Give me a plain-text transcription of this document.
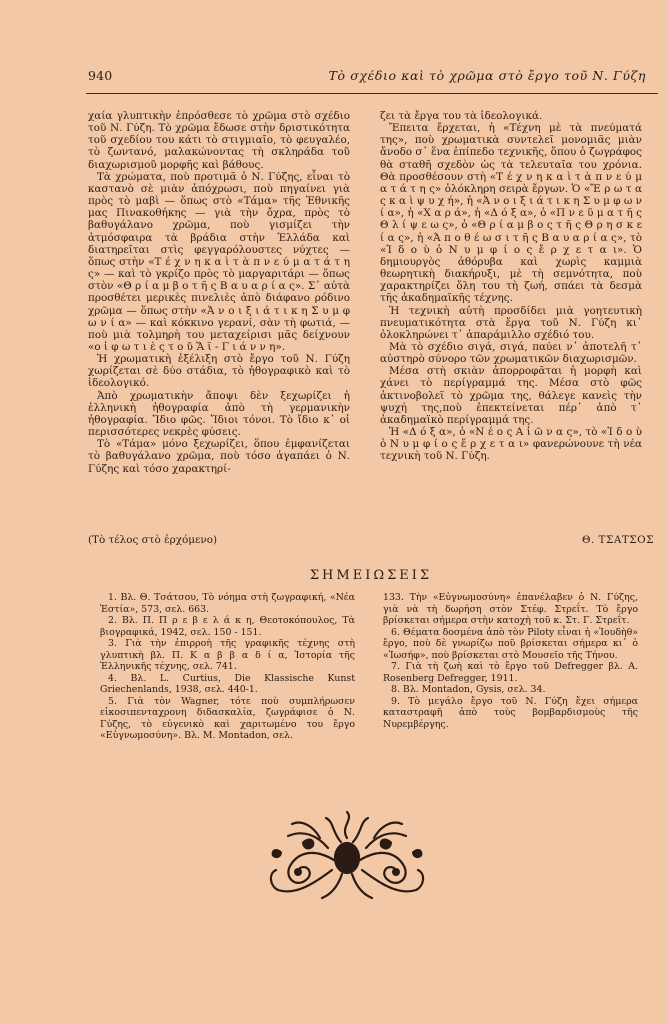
940	Τὸ σχέδιο καὶ τὸ χρῶμα στὸ ἔργο τοῦ Ν. Γύζη

χαία γλυπτικὴν ἐπρόσθεσε τὸ χρῶμα στὸ σχέδιο τοῦ Ν. Γύζη. Τὸ χρῶμα ἔδωσε στὴν δριστικότητα τοῦ σχεδίου του κάτι τὸ στιγμιαῖο, τὸ φευγαλέο, τὸ ζωντανό, μαλακώνοντας τὴ σκληράδα τοῦ διαχωρισμοῦ μορφῆς καὶ βάθους.

Τὰ χρώματα, ποὺ προτιμᾶ ὁ Ν. Γύζης, εἶναι τὸ καστανὸ σὲ μιὰν ἀπόχρωσι, ποὺ πηγαίνει γιὰ πρὸς τὸ μαβὶ — ὅπως στὸ «Τάμα» τῆς Ἐθνικῆς μας Πινακοθήκης — γιὰ τὴν ὄχρα, πρὸς τὸ βαθυγάλανο χρῶμα, ποὺ γισμίζει τὴν ἀτμόσφαιρα τὰ βράδια στὴν Ἑλλάδα καὶ διατηρεῖται στὶς φεγγαρόλουστες νύχτες — ὅπως στὴν «Τ έ χ ν η κ α ὶ τ ὰ π ν ε ύ μ α τ ά τ η ς» — καὶ τὸ γκρίζο πρὸς τὸ μαργαριτάρι — ὅπως στὸν «Θ ρ ί α μ β ο τ ῆ ς Β α υ α ρ ί α ς». Σ᾽ αὐτὰ προσθέτει μερικὲς πινελιὲς ἀπὸ διάφανο ρόδινο χρῶμα — ὅπως στὴν «Ἀ ν ο ι ξ ι ά τ ι κ η Σ υ μ φ ω ν ί α» — καὶ κόκκινο γερανί, σὰν τὴ φωτιά, — ποὺ μιὰ τολμηρὴ του μεταχείρισι μᾶς δείχνουν «ο ἱ φ ω τ ι ὲ ς τ ο ῦ Ἅ ϊ - Γ ι ά ν ν η».

Ἡ χρωματικὴ ἐξέλιξη στὸ ἔργο τοῦ Ν. Γύζη χωρίζεται σὲ δύο στάδια, τὸ ἠθογραφικὸ καὶ τὸ ἰδεολογικό.

Ἀπὸ χρωματικὴν ἄποψι δὲν ξεχωρίζει ἡ ἑλληνικὴ ἠθογραφία ἀπὸ τὴ γερμανικὴν ἠθογραφία. Ἴδιο φῶς. Ἴδιοι τόνοι. Τὸ ἴδιο κ᾽ οἱ περισσότερες νεκρὲς φύσεις.

Τὸ «Τάμα» μόνο ξεχωρίζει, ὅπου ἐμφανίζεται τὸ βαθυγάλανο χρῶμα, ποὺ τόσο ἀγαπάει ὁ Ν. Γύζης καὶ τόσο χαρακτηρί-

ζει τὰ ἔργα του τὰ ἰδεολογικά.

Ἔπειτα ἔρχεται, ἡ «Τέχνη μὲ τὰ πνεύματά της», ποὺ χρωματικὰ συντελεῖ μονομιᾶς μιὰν ἄνοδο σ᾽ ἕνα ἐπίπεδο τεχνικῆς, ὅπου ὁ ζωγράφος θὰ σταθῆ σχεδὸν ὡς τὰ τελευταῖα του χρόνια. Θὰ προσθέσουν στὴ «Τ έ χ ν η κ α ὶ τ ὰ π ν ε ύ μ α τ ά τ η ς» ὁλόκληρη σειρὰ ἔργων. Ὁ «Ἔ ρ ω τ α ς κ α ὶ ψ υ χ ή», ἡ «Ἀ ν ο ι ξ ι ά τ ι κ η Σ υ μ φ ω ν ί α», ἡ «Χ α ρ ά», ἡ «Δ ό ξ α», ὁ «Π ν ε ῦ μ α τ ῆ ς Θ λ ί ψ ε ω ς», ὁ «Θ ρ ί α μ β ο ς τ ῆ ς Θ ρ η σ κ ε ί α ς», ἡ «Ἀ π ο θ έ ω σ ι τ ῆ ς Β α υ α ρ ί α ς», τὸ «Ἰ δ ο ὺ ὁ Ν υ μ φ ί ο ς ἔ ρ χ ε τ α ι». Ὁ δημιουργὸς ἀθόρυβα καὶ χωρὶς καμμιὰ θεωρητικὴ διακήρυξι, μὲ τὴ σεμνότητα, ποὺ χαρακτηρίζει ὅλη του τὴ ζωή, σπάει τὰ δεσμὰ τῆς ἀκαδημαϊκῆς τέχνης.

Ἡ τεχνικὴ αὐτὴ προσδίδει μιὰ γοητευτικὴ πνευματικότητα στὰ ἔργα τοῦ Ν. Γύζη κι᾽ ὁλοκληρώνει τ᾽ ἀπαράμιλλο σχέδιό του.

Μὰ τὸ σχέδιο σιγά, σιγά, παύει ν᾽ ἀποτελῆ τ᾽ αὐστηρὸ σύνορο τῶν χρωματικῶν διαχωρισμῶν.

Μέσα στὴ σκιὰν ἀπορροφᾶται ἡ μορφὴ καὶ χάνει τὸ περίγραμμά της. Μέσα στὸ φῶς ἀκτινοβολεῖ τὸ χρῶμα της, θάλεγε κανεὶς τὴν ψυχή της,ποὺ ἐπεκτείνεται πέρ᾽ ἀπὸ τ᾽ ἀκαδημαϊκὸ περίγραμμά της.

Ἡ «Δ ό ξ α», ὁ «Ν έ ο ς Α ἰ ῶ ν α ς», τὸ «Ἰ δ ο ὺ ὁ Ν υ μ φ ί ο ς ἔ ρ χ ε τ α ι» φανερώνουνε τὴ νέα τεχνικὴ τοῦ Ν. Γύζη.

(Τὸ τέλος στὸ ἐρχόμενο)	Θ. ΤΣΑΤΣΟΣ
ΣΗΜΕΙΩΣΕΙΣ

1. Βλ. Θ. Τσάτσου, Τὸ νόημα στὴ ζωγραφική, «Νέα Ἑστία», 573, σελ. 663.

2. Βλ. Π. Π ρ ε β ε λ ά κ η, Θεοτοκόπουλος, Τὰ βιογραφικά, 1942, σελ. 150 - 151.

3. Γιὰ τὴν ἐπιρροὴ τῆς γραφικῆς τέχνης στὴ γλυπτικὴ βλ. Π. Κ α β β α δ ί α, Ἱστορία τῆς Ἑλληνικῆς τέχνης, σελ. 741.

4. Βλ. L. Curtius, Die Klassische Kunst Griechenlands, 1938, σελ. 440-1.

5. Γιὰ τὸν Wagner, τότε ποὺ συμπλήρωσεν εἰκοσιπενταχρονη διδασκαλία, ζωγράφισε ὁ Ν. Γύζης, τὸ εὐγενικὸ καὶ χαριτωμένο του ἔργο «Εὐγνωμοσύνη». Βλ. Μ. Montadon, σελ.

133. Τὴν «Εὐγνωμοσύνη» ἐπανέλαβεν ὁ Ν. Γύζης, γιὰ νὰ τὴ δωρήση στὸν Στέφ. Στρεΐτ. Τὸ ἔργο βρίσκεται σήμερα στὴν κατοχὴ τοῦ κ. Στ. Γ. Στρεΐτ.

6. Θέματα δοσμένα ἀπὸ τὸν Piloty εἶναι ἡ «Ἰουδὴθ» ἔργο, ποὺ δὲ γνωρίζω ποῦ βρίσκεται σήμερα κι᾽ ὁ «Ἰωσήφ», ποὺ βρίσκεται στὸ Μουσεῖο τῆς Τήνου.

7. Γιὰ τὴ ζωὴ καὶ τὸ ἔργο τοῦ Defregger βλ. A. Rosenberg Defregger, 1911.

8. Βλ. Montadon, Gysis, σελ. 34.

9. Τὸ μεγάλο ἔργο τοῦ Ν. Γύζη ἔχει σήμερα καταστραφῆ ἀπὸ τοὺς βομβαρδισμοὺς τῆς Νυρεμβέργης.
